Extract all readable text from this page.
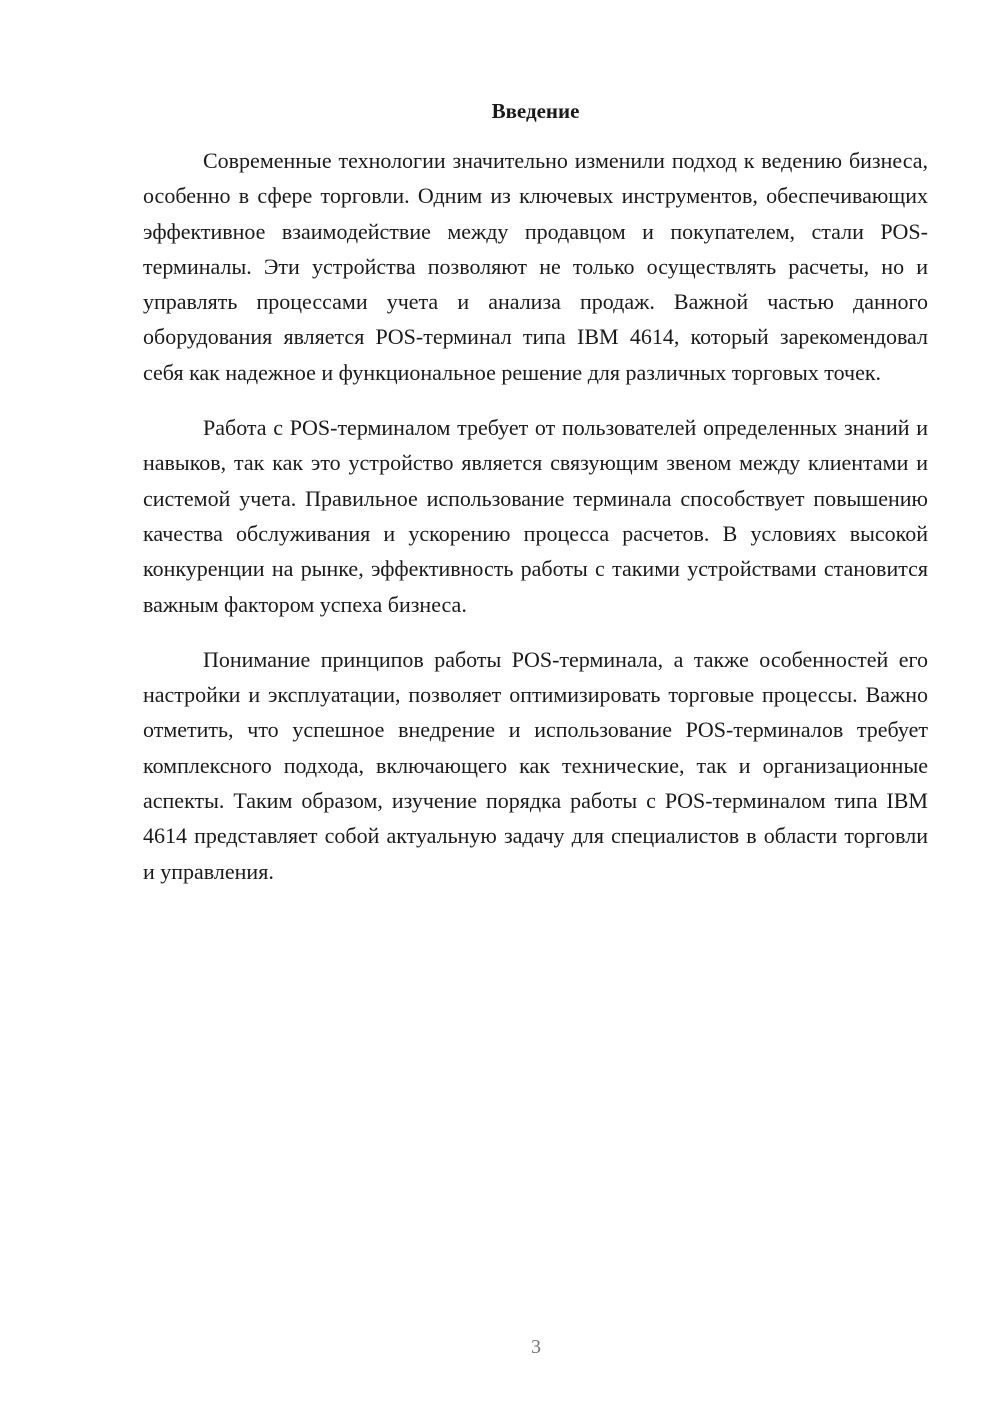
Введение

Современные технологии значительно изменили подход к ведению бизнеса, особенно в сфере торговли. Одним из ключевых инструментов, обеспечивающих эффективное взаимодействие между продавцом и покупателем, стали POS-терминалы. Эти устройства позволяют не только осуществлять расчеты, но и управлять процессами учета и анализа продаж. Важной частью данного оборудования является POS-терминал типа IBM 4614, который зарекомендовал себя как надежное и функциональное решение для различных торговых точек.

Работа с POS-терминалом требует от пользователей определенных знаний и навыков, так как это устройство является связующим звеном между клиентами и системой учета. Правильное использование терминала способствует повышению качества обслуживания и ускорению процесса расчетов. В условиях высокой конкуренции на рынке, эффективность работы с такими устройствами становится важным фактором успеха бизнеса.

Понимание принципов работы POS-терминала, а также особенностей его настройки и эксплуатации, позволяет оптимизировать торговые процессы. Важно отметить, что успешное внедрение и использование POS-терминалов требует комплексного подхода, включающего как технические, так и организационные аспекты. Таким образом, изучение порядка работы с POS-терминалом типа IBM 4614 представляет собой актуальную задачу для специалистов в области торговли и управления.

3
